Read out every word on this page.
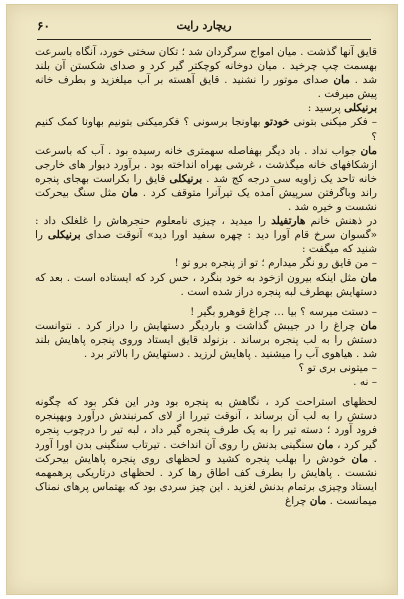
۶۰	ریچارد رایت

قایق آنها گذشت . میان امواج سرگردان شد ؛ تکان سختی خورد، آنگاه باسرعت بهسمت چپ چرخید . میان دوخانه کوچکتر گیر کرد و صدای شکستن آن بلند شد . مان صدای موتور را نشنید . قایق آهسته بر آب میلغزید و بطرف خانه پیش میرفت .

برنیکلی پرسید :

– فکر میکنی بتونی خودتو بهاونجا برسونی ؟ فکرمیکنی بتونیم بهاونا کمک کنیم ؟

مان جواب نداد . باد دیگر بهفاصله سهمتری خانه رسیده بود . آب که باسرعت ازشکافهای خانه میگذشت ، غرشی بهراه انداخته بود . برآورد دیوار های خارجی خانه تاحد یک زاویه سی درجه کج شد . برنیکلی قایق را بکراست بهجای پنجره راند وباگرفتن سرپیش آمده یک تیرآنرا متوقف کرد . مان مثل سنگ بیحرکت نشست و خیره شد .

در ذهنش خانم هارتفیلد را میدید ، چیزی نامعلوم حنجرهاش را غلغلک داد : «گسوان سرخ قام آورا دید : چهره سفید اورا دید» آنوقت صدای برنیکلی را شنید که میگفت :

– من قایق رو نگر میدارم ؛ تو از پنجره برو تو !

مان مثل اینکه بیرون ازخود به خود بنگرد ، حس کرد که ایستاده است . بعد که دستهایش بهطرف لبه پنجره دراز شده است .

– دستت میرسه ؟ بیا … چراغ قوهرو بگیر !

مان چراغ را در جیبش گذاشت و باردیگر دستهایش را دراز کرد . نتوانست دستش را به لب پنجره برساند . بزنولد قایق ایستاد وروی پنجره پاهایش بلند شد . هیاهوی آب را میشنید . پاهایش لرزید . دستهایش را بالاتر برد .

– میتونی بری تو ؟

– نه .

لحظهای استراحت کرد ، نگاهش به پنجره بود ودر این فکر بود که چگونه دستش را به لب آن برساند ، آنوقت تیررا از لای کمرنبندش درآورد وبهپنجره فرود آورد ؛ دسته تیر را به یک طرف پنجره گیر داد ، لبه تیر را درچوب پنجره گیر کرد ، مان سنگینی بدنش را روی آن انداخت . تیرتاب سنگینی بدن اورا آورد . مان خودش را بهلب پنجره کشید و لحظهای روی پنجره پاهایش بیحرکت نشست . پاهایش را بطرف کف اطاق رها کرد . لحظهای درتاریکی پرهمهمه ایستاد وچیزی برتمام بدنش لغزید . این چیز سردی بود که بهتماس پرهای نمناک میمانست . مان چراغ
